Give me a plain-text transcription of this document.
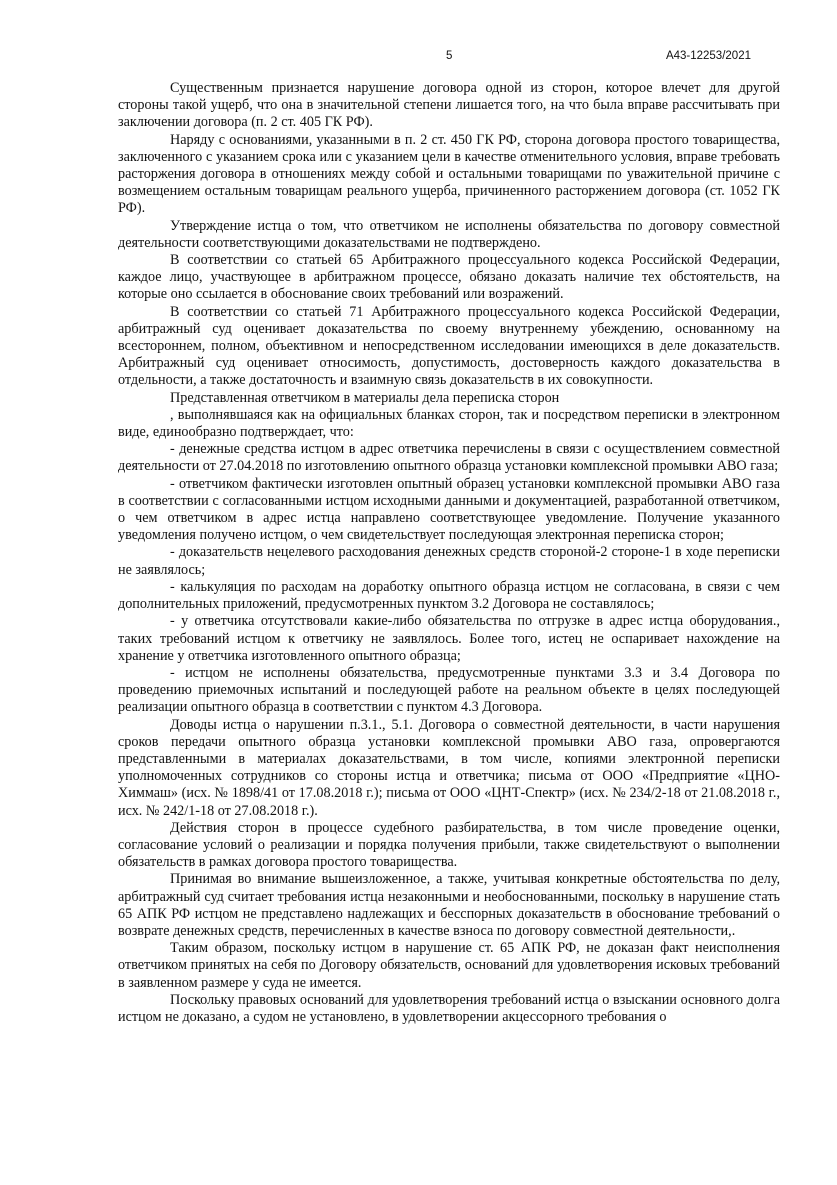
5	А43-12253/2021

Существенным признается нарушение договора одной из сторон, которое влечет для другой стороны такой ущерб, что она в значительной степени лишается того, на что была вправе рассчитывать при заключении договора (п. 2 ст. 405 ГК РФ).

Наряду с основаниями, указанными в п. 2 ст. 450 ГК РФ, сторона договора простого товарищества, заключенного с указанием срока или с указанием цели в качестве отменительного условия, вправе требовать расторжения договора в отношениях между собой и остальными товарищами по уважительной причине с возмещением остальным товарищам реального ущерба, причиненного расторжением договора (ст. 1052 ГК РФ).

Утверждение истца о том, что ответчиком не исполнены обязательства по договору совместной деятельности соответствующими доказательствами не подтверждено.

В соответствии со статьей 65 Арбитражного процессуального кодекса Российской Федерации, каждое лицо, участвующее в арбитражном процессе, обязано доказать наличие тех обстоятельств, на которые оно ссылается в обоснование своих требований или возражений.

В соответствии со статьей 71 Арбитражного процессуального кодекса Российской Федерации, арбитражный суд оценивает доказательства по своему внутреннему убеждению, основанному на всестороннем, полном, объективном и непосредственном исследовании имеющихся в деле доказательств. Арбитражный суд оценивает относимость, допустимость, достоверность каждого доказательства в отдельности, а также достаточность и взаимную связь доказательств в их совокупности.

Представленная ответчиком в материалы дела переписка сторон

, выполнявшаяся как на официальных бланках сторон, так и посредством переписки в электронном виде, единообразно подтверждает, что:

- денежные средства истцом в адрес ответчика перечислены в связи с осуществлением совместной деятельности от 27.04.2018 по изготовлению опытного образца установки комплексной промывки АВО газа;

- ответчиком фактически изготовлен опытный образец установки комплексной промывки АВО газа в соответствии с согласованными истцом исходными данными и документацией, разработанной ответчиком, о чем ответчиком в адрес истца направлено соответствующее уведомление. Получение указанного уведомления получено истцом, о чем свидетельствует последующая электронная переписка сторон;

- доказательств нецелевого расходования денежных средств стороной-2 стороне-1 в ходе переписки не заявлялось;

- калькуляция по расходам на доработку опытного образца истцом не согласована, в связи с чем дополнительных приложений, предусмотренных пунктом 3.2 Договора не составлялось;

- у ответчика отсутствовали какие-либо обязательства по отгрузке в адрес истца оборудования., таких требований истцом к ответчику не заявлялось. Более того, истец не оспаривает нахождение на хранение у ответчика изготовленного опытного образца;

- истцом не исполнены обязательства, предусмотренные пунктами 3.3 и 3.4 Договора по проведению приемочных испытаний и последующей работе на реальном объекте в целях последующей реализации опытного образца в соответствии с пунктом 4.3 Договора.

Доводы истца о нарушении п.3.1., 5.1. Договора о совместной деятельности, в части нарушения сроков передачи опытного образца установки комплексной промывки АВО газа, опровергаются представленными в материалах доказательствами, в том числе, копиями электронной переписки уполномоченных сотрудников со стороны истца и ответчика; письма от ООО «Предприятие «ЦНО-Химмаш» (исх. № 1898/41 от 17.08.2018 г.); письма от ООО «ЦНТ-Спектр» (исх. № 234/2-18 от 21.08.2018 г., исх. № 242/1-18 от 27.08.2018 г.).

Действия сторон в процессе судебного разбирательства, в том числе проведение оценки, согласование условий о реализации и порядка получения прибыли, также свидетельствуют о выполнении обязательств в рамках договора простого товарищества.

Принимая во внимание вышеизложенное, а также, учитывая конкретные обстоятельства по делу, арбитражный суд считает требования истца незаконными и необоснованными, поскольку в нарушение стать 65 АПК РФ истцом не представлено надлежащих и бесспорных доказательств в обоснование требований о возврате денежных средств, перечисленных в качестве взноса по договору совместной деятельности,.

Таким образом, поскольку истцом в нарушение ст. 65 АПК РФ, не доказан факт неисполнения ответчиком принятых на себя по Договору обязательств, оснований для удовлетворения исковых требований в заявленном размере у суда не имеется.

Поскольку правовых оснований для удовлетворения требований истца о взыскании основного долга истцом не доказано, а судом не установлено, в удовлетворении акцессорного требования о
